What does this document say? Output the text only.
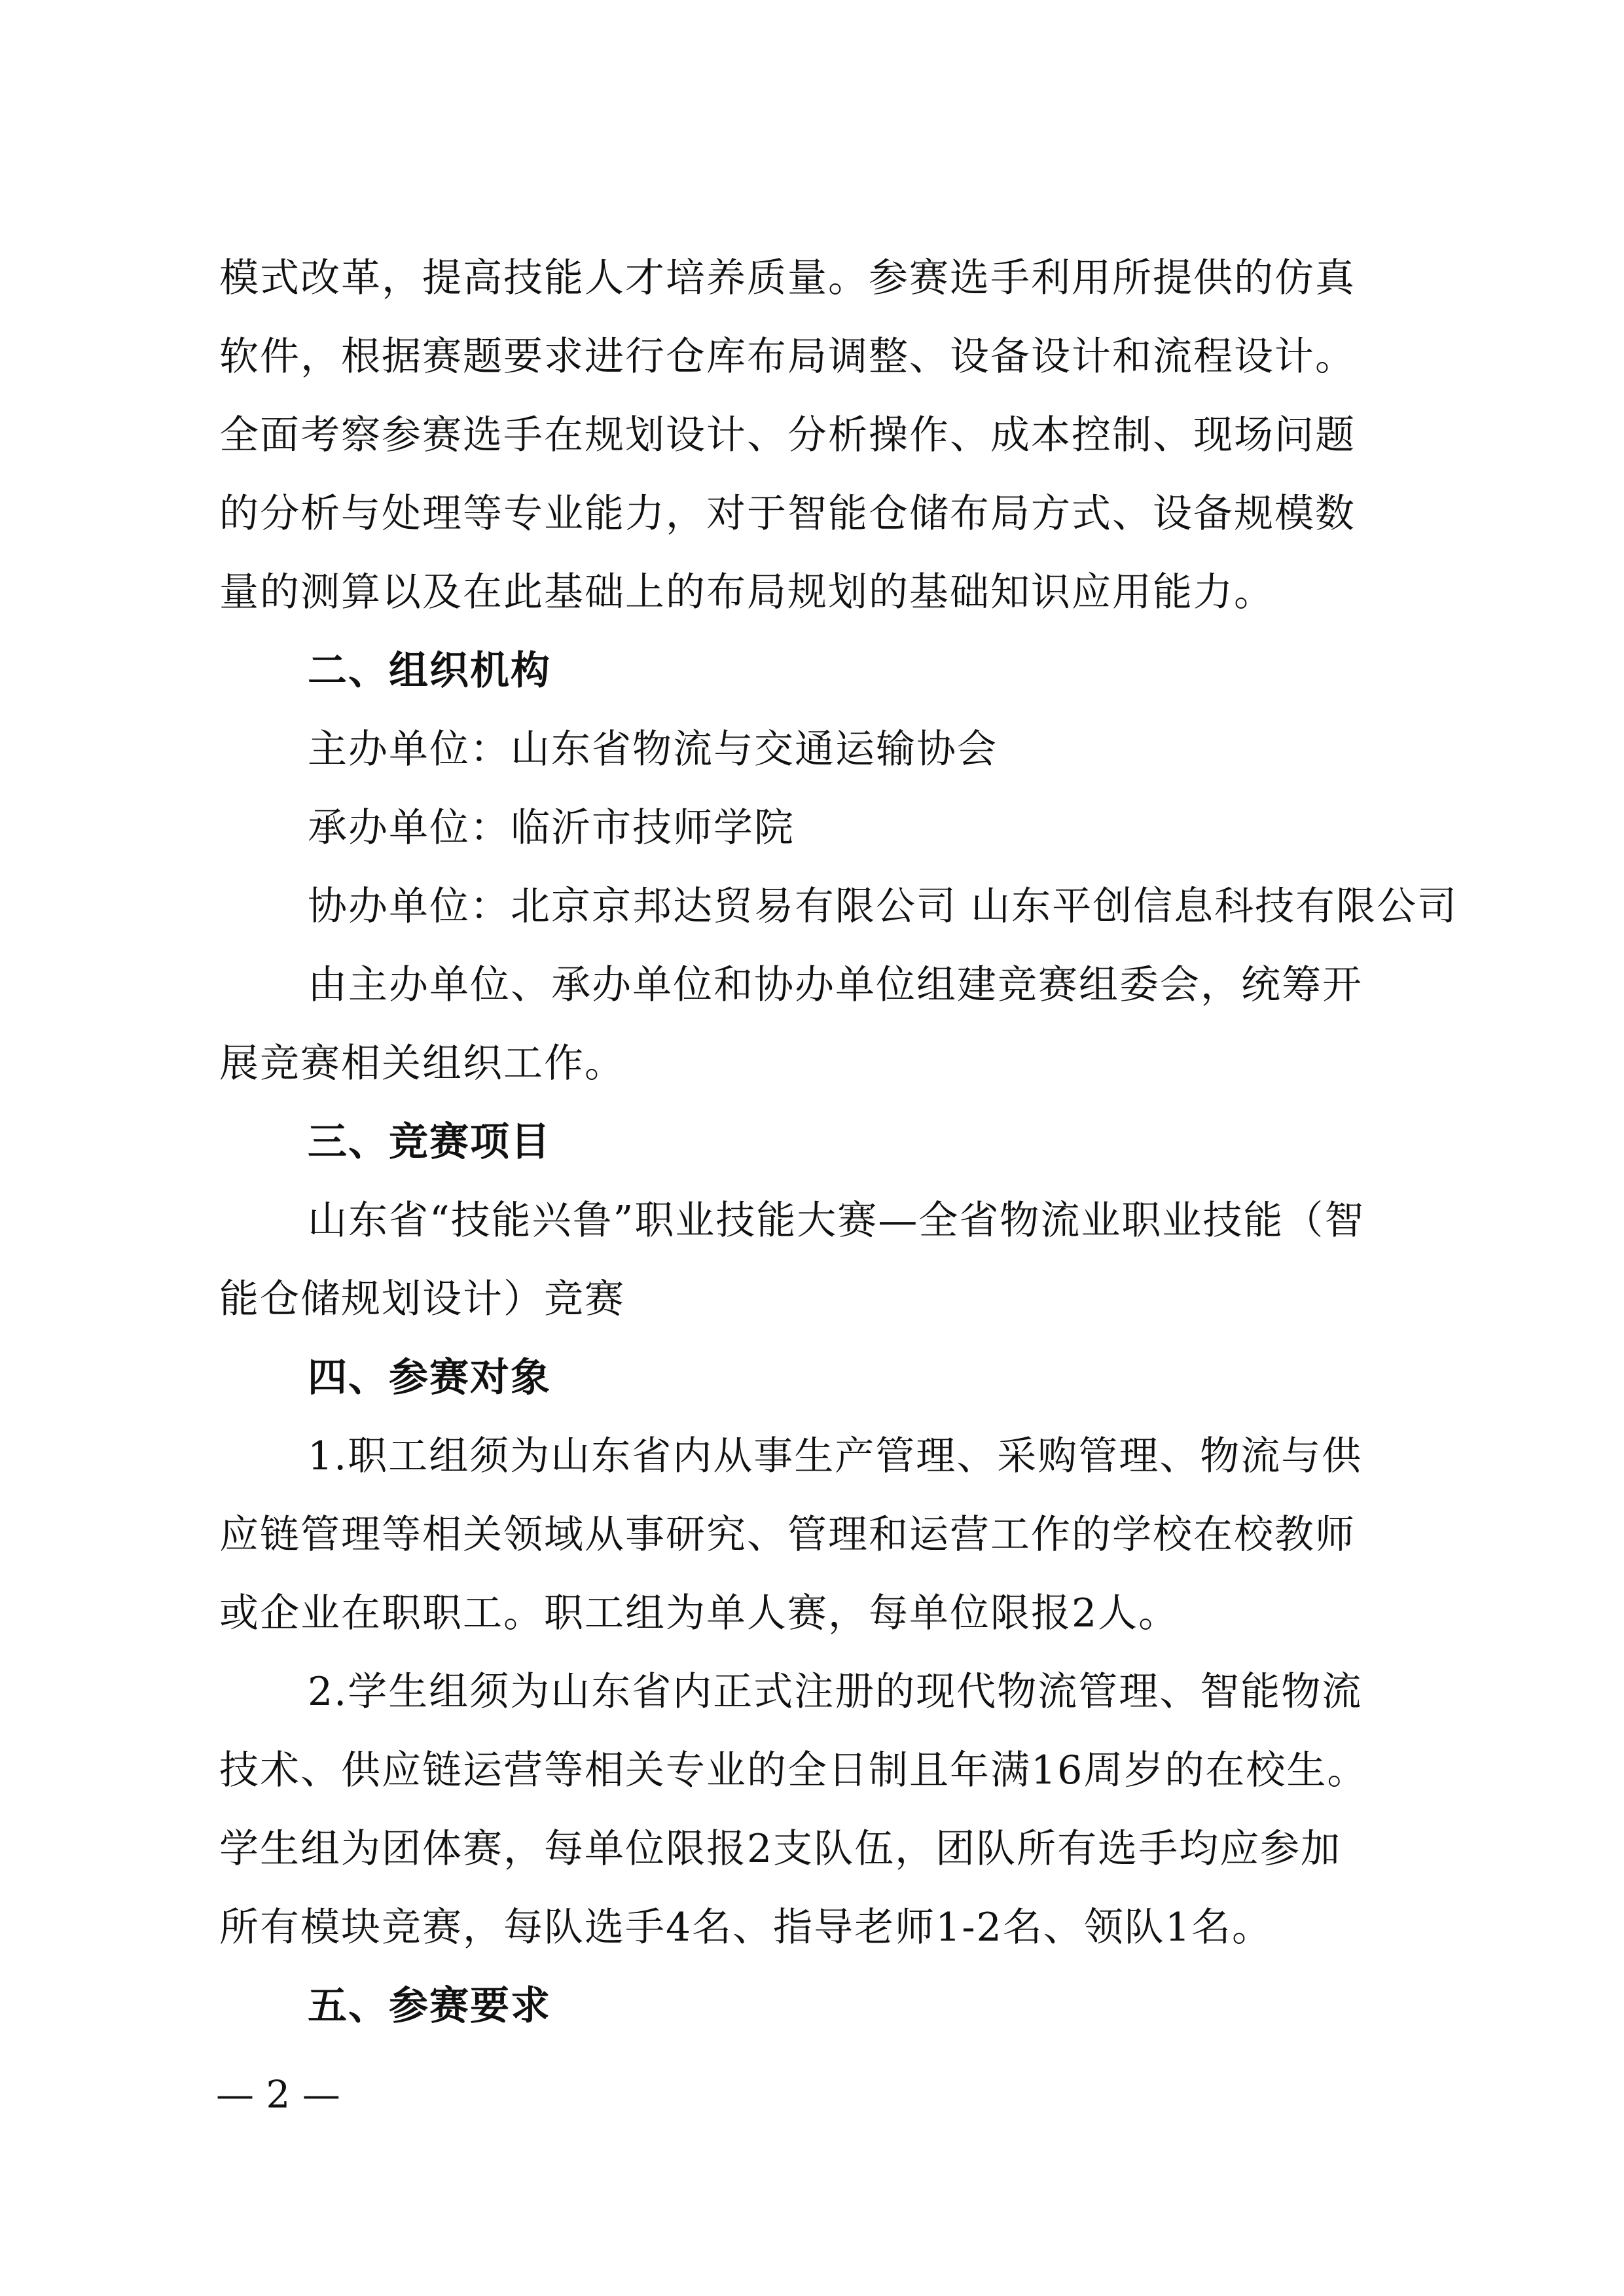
模式改革，提高技能人才培养质量。参赛选手利用所提供的仿真
软件，根据赛题要求进行仓库布局调整、设备设计和流程设计。
全面考察参赛选手在规划设计、分析操作、成本控制、现场问题
的分析与处理等专业能力，对于智能仓储布局方式、设备规模数
量的测算以及在此基础上的布局规划的基础知识应用能力。
二、组织机构
主办单位：山东省物流与交通运输协会
承办单位：临沂市技师学院
协办单位：北京京邦达贸易有限公司 山东平创信息科技有限公司
由主办单位、承办单位和协办单位组建竞赛组委会，统筹开
展竞赛相关组织工作。
三、竞赛项目
山东省“技能兴鲁”职业技能大赛—全省物流业职业技能（智
能仓储规划设计）竞赛
四、参赛对象
1.职工组须为山东省内从事生产管理、采购管理、物流与供
应链管理等相关领域从事研究、管理和运营工作的学校在校教师
或企业在职职工。职工组为单人赛，每单位限报2人。
2.学生组须为山东省内正式注册的现代物流管理、智能物流
技术、供应链运营等相关专业的全日制且年满16周岁的在校生。
学生组为团体赛，每单位限报2支队伍，团队所有选手均应参加
所有模块竞赛，每队选手4名、指导老师1-2名、领队1名。
五、参赛要求
— 2 —
